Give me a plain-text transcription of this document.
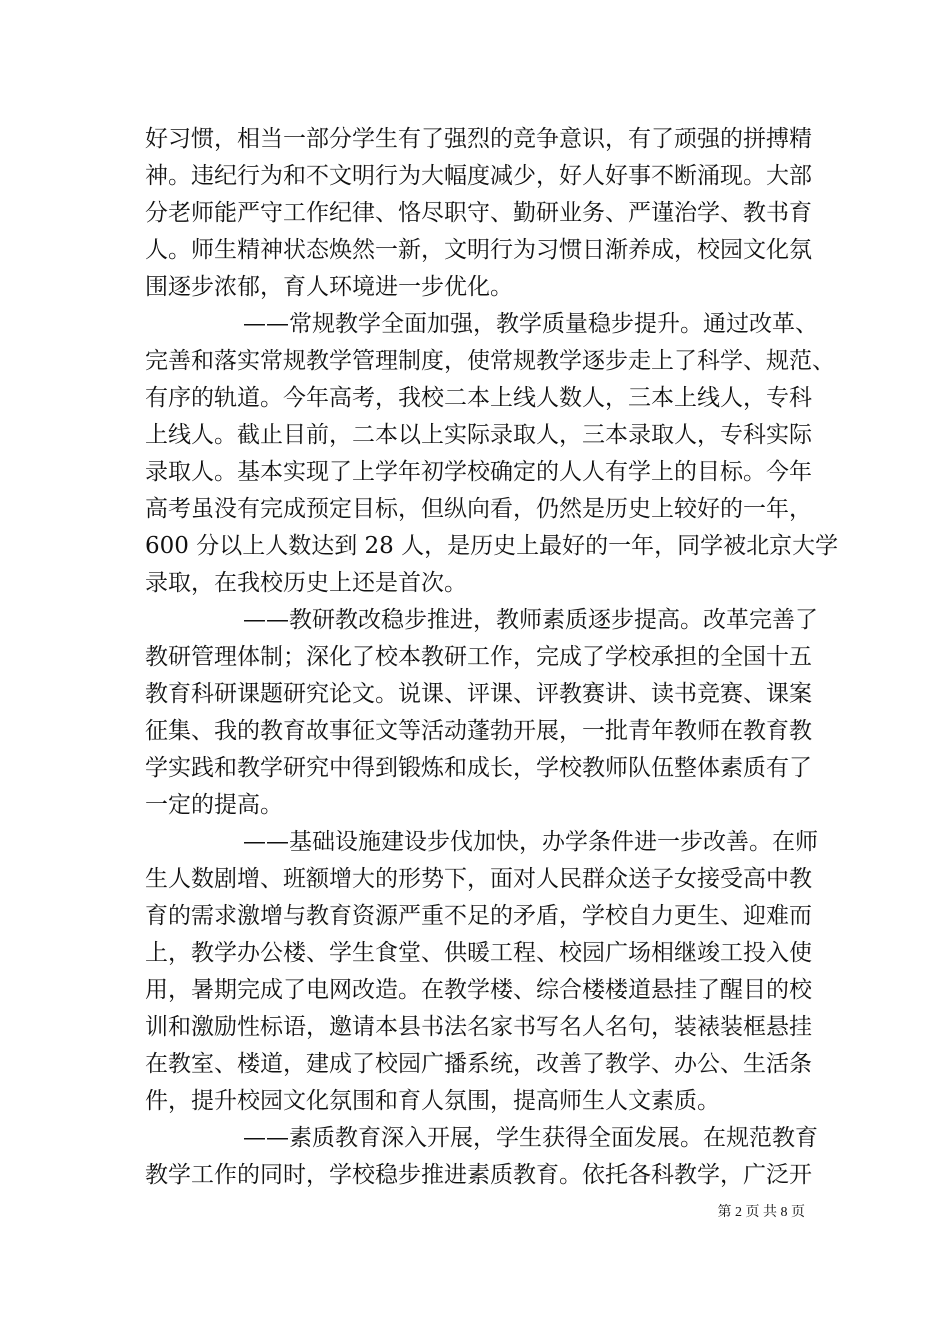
好习惯，相当一部分学生有了强烈的竞争意识，有了顽强的拼搏精
神。违纪行为和不文明行为大幅度减少，好人好事不断涌现。大部
分老师能严守工作纪律、恪尽职守、勤研业务、严谨治学、教书育
人。师生精神状态焕然一新，文明行为习惯日渐养成，校园文化氛
围逐步浓郁，育人环境进一步优化。
——常规教学全面加强，教学质量稳步提升。通过改革、
完善和落实常规教学管理制度，使常规教学逐步走上了科学、规范、
有序的轨道。今年高考，我校二本上线人数人，三本上线人，专科
上线人。截止目前，二本以上实际录取人，三本录取人，专科实际
录取人。基本实现了上学年初学校确定的人人有学上的目标。今年
高考虽没有完成预定目标，但纵向看，仍然是历史上较好的一年，
600 分以上人数达到 28 人，是历史上最好的一年，同学被北京大学
录取，在我校历史上还是首次。
——教研教改稳步推进，教师素质逐步提高。改革完善了
教研管理体制；深化了校本教研工作，完成了学校承担的全国十五
教育科研课题研究论文。说课、评课、评教赛讲、读书竞赛、课案
征集、我的教育故事征文等活动蓬勃开展，一批青年教师在教育教
学实践和教学研究中得到锻炼和成长，学校教师队伍整体素质有了
一定的提高。
——基础设施建设步伐加快，办学条件进一步改善。在师
生人数剧增、班额增大的形势下，面对人民群众送子女接受高中教
育的需求激增与教育资源严重不足的矛盾，学校自力更生、迎难而
上，教学办公楼、学生食堂、供暖工程、校园广场相继竣工投入使
用，暑期完成了电网改造。在教学楼、综合楼楼道悬挂了醒目的校
训和激励性标语，邀请本县书法名家书写名人名句，装裱装框悬挂
在教室、楼道，建成了校园广播系统，改善了教学、办公、生活条
件，提升校园文化氛围和育人氛围，提高师生人文素质。
——素质教育深入开展，学生获得全面发展。在规范教育
教学工作的同时，学校稳步推进素质教育。依托各科教学，广泛开
第 2 页 共 8 页
